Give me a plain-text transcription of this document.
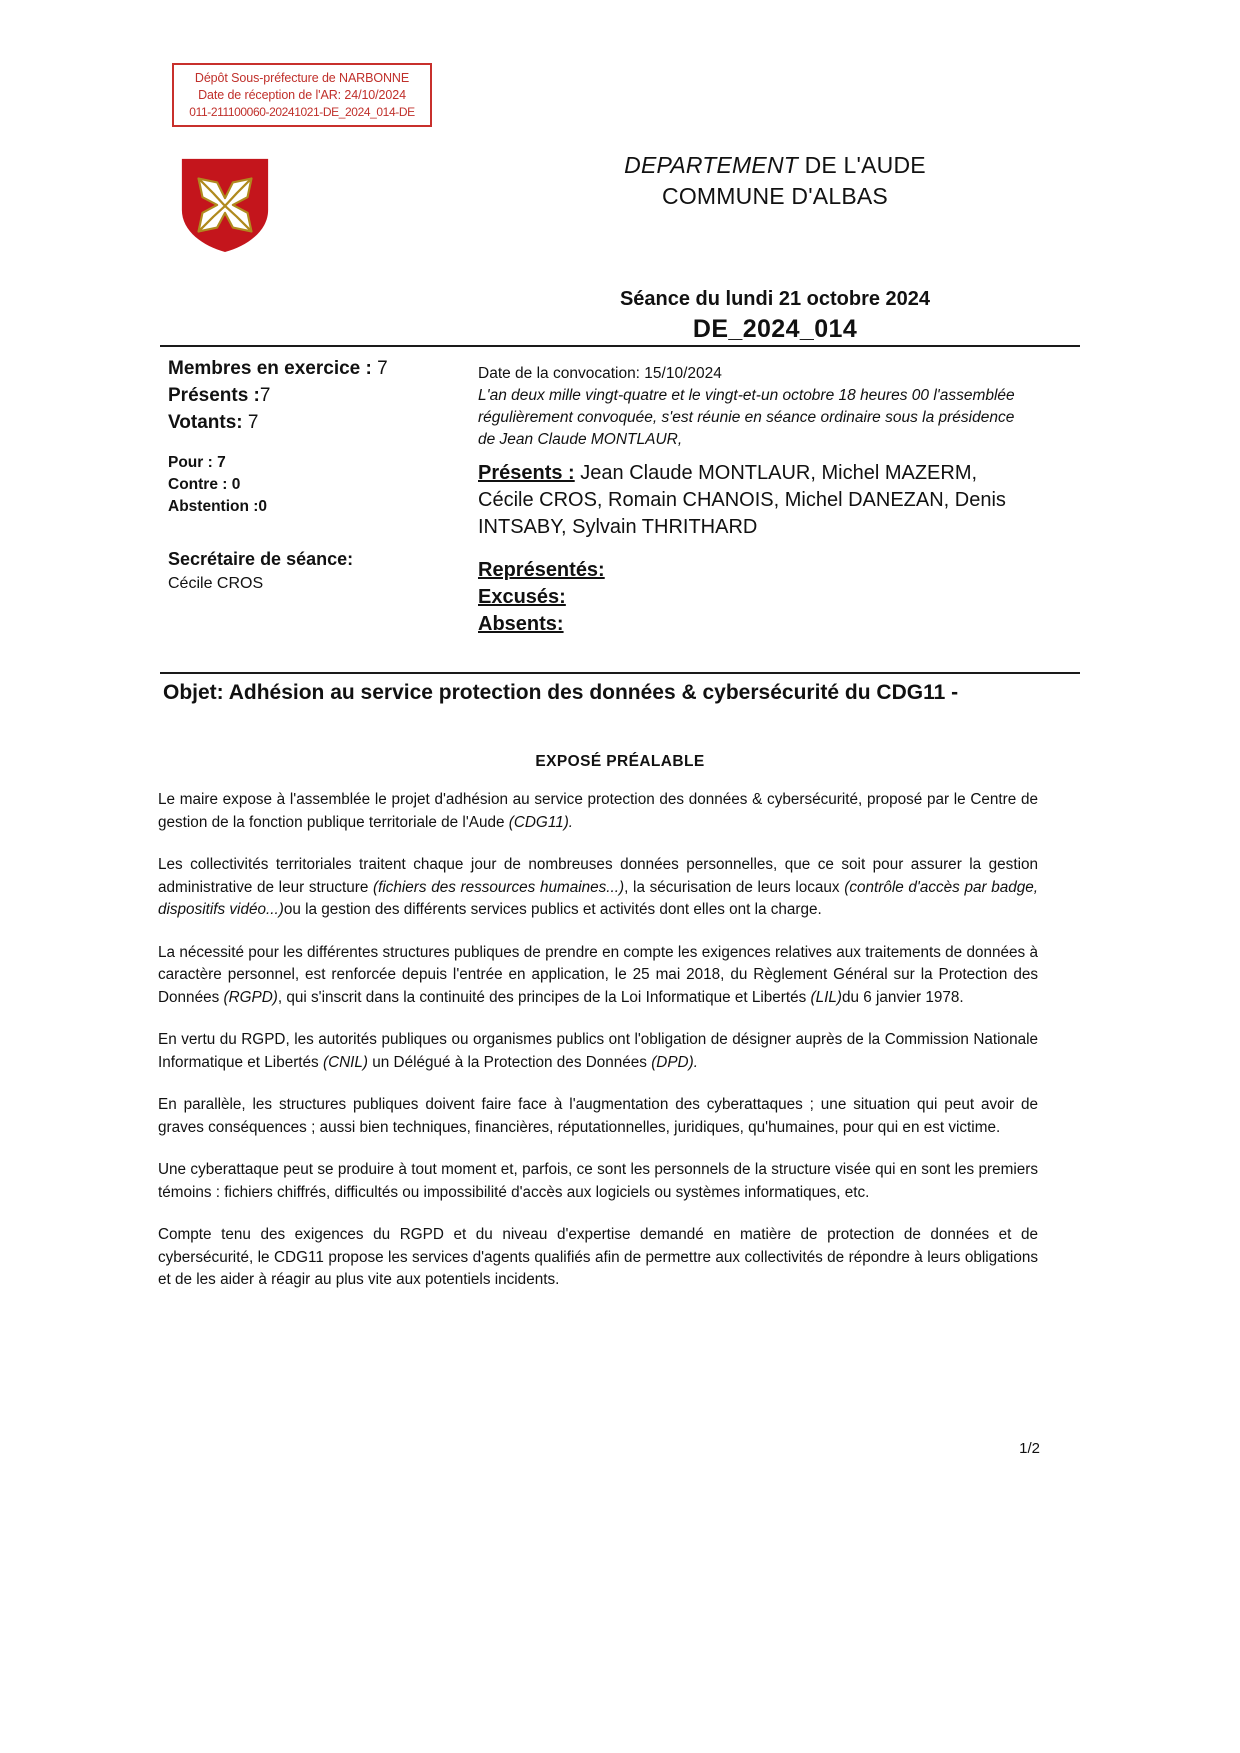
Dépôt Sous-préfecture de NARBONNE
Date de réception de l'AR: 24/10/2024
011-211100060-20241021-DE_2024_014-DE
DEPARTEMENT DE L'AUDE
COMMUNE D'ALBAS
Séance du lundi 21 octobre 2024
DE_2024_014
Membres en exercice : 7
Présents :7
Votants: 7
Pour : 7
Contre : 0
Abstention :0
Secrétaire de séance:
Cécile CROS
Date de la convocation: 15/10/2024
L'an deux mille vingt-quatre et le vingt-et-un octobre 18 heures 00 l'assemblée régulièrement convoquée, s'est réunie en séance ordinaire sous la présidence de Jean Claude MONTLAUR,
Présents : Jean Claude MONTLAUR, Michel MAZERM, Cécile CROS, Romain CHANOIS, Michel DANEZAN, Denis INTSABY, Sylvain THRITHARD
Représentés:
Excusés:
Absents:
Objet: Adhésion au service protection des données & cybersécurité du CDG11 -
EXPOSÉ PRÉALABLE

Le maire expose à l'assemblée le projet d'adhésion au service protection des données & cybersécurité, proposé par le Centre de gestion de la fonction publique territoriale de l'Aude (CDG11).

Les collectivités territoriales traitent chaque jour de nombreuses données personnelles, que ce soit pour assurer la gestion administrative de leur structure (fichiers des ressources humaines...), la sécurisation de leurs locaux (contrôle d'accès par badge, dispositifs vidéo...)ou la gestion des différents services publics et activités dont elles ont la charge.

La nécessité pour les différentes structures publiques de prendre en compte les exigences relatives aux traitements de données à caractère personnel, est renforcée depuis l'entrée en application, le 25 mai 2018, du Règlement Général sur la Protection des Données (RGPD), qui s'inscrit dans la continuité des principes de la Loi Informatique et Libertés (LIL)du 6 janvier 1978.

En vertu du RGPD, les autorités publiques ou organismes publics ont l'obligation de désigner auprès de la Commission Nationale Informatique et Libertés (CNIL) un Délégué à la Protection des Données (DPD).

En parallèle, les structures publiques doivent faire face à l'augmentation des cyberattaques ; une situation qui peut avoir de graves conséquences ; aussi bien techniques, financières, réputationnelles, juridiques, qu'humaines, pour qui en est victime.

Une cyberattaque peut se produire à tout moment et, parfois, ce sont les personnels de la structure visée qui en sont les premiers témoins : fichiers chiffrés, difficultés ou impossibilité d'accès aux logiciels ou systèmes informatiques, etc.

Compte tenu des exigences du RGPD et du niveau d'expertise demandé en matière de protection de données et de cybersécurité, le CDG11 propose les services d'agents qualifiés afin de permettre aux collectivités de répondre à leurs obligations et de les aider à réagir au plus vite aux potentiels incidents.

1/2
